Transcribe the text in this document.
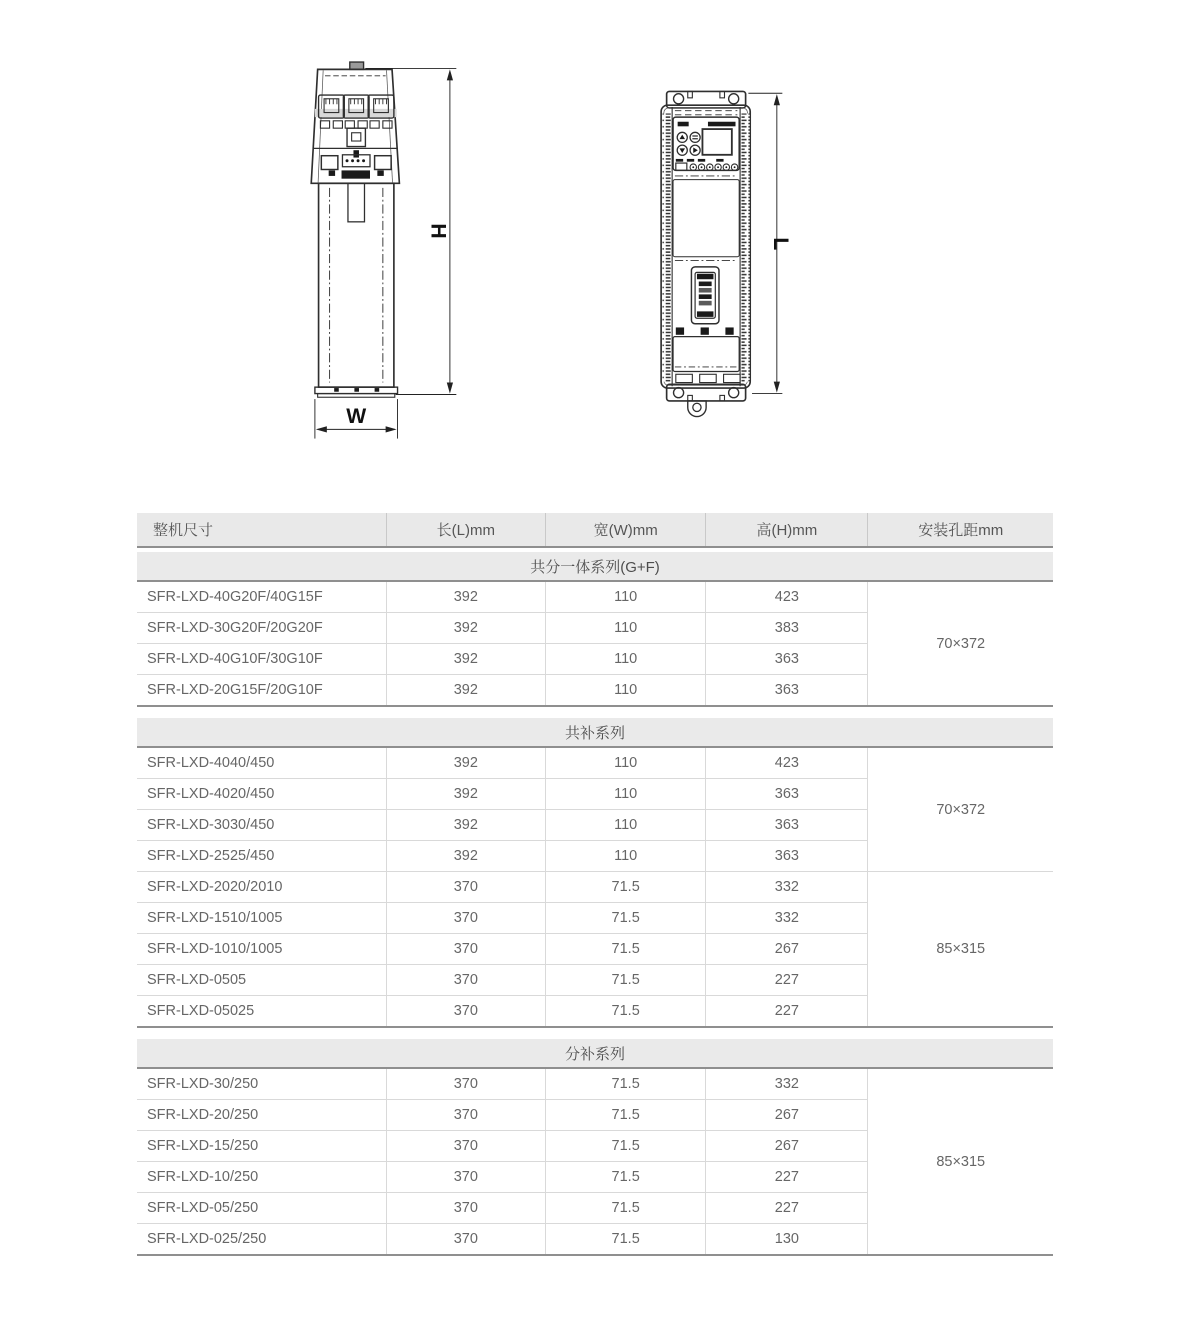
H
W
L
整机尺寸	长(L)mm	宽(W)mm	高(H)mm	安装孔距mm

共分一体系列(G+F)				
SFR-LXD-40G20F/40G15F	392	110	423	70×372
SFR-LXD-30G20F/20G20F	392	110	383	
SFR-LXD-40G10F/30G10F	392	110	363	
SFR-LXD-20G15F/20G10F	392	110	363	

共补系列				
SFR-LXD-4040/450	392	110	423	70×372
SFR-LXD-4020/450	392	110	363	
SFR-LXD-3030/450	392	110	363	
SFR-LXD-2525/450	392	110	363	
SFR-LXD-2020/2010	370	71.5	332	85×315
SFR-LXD-1510/1005	370	71.5	332	
SFR-LXD-1010/1005	370	71.5	267	
SFR-LXD-0505	370	71.5	227	
SFR-LXD-05025	370	71.5	227	

分补系列				
SFR-LXD-30/250	370	71.5	332	85×315
SFR-LXD-20/250	370	71.5	267	
SFR-LXD-15/250	370	71.5	267	
SFR-LXD-10/250	370	71.5	227	
SFR-LXD-05/250	370	71.5	227	
SFR-LXD-025/250	370	71.5	130	
